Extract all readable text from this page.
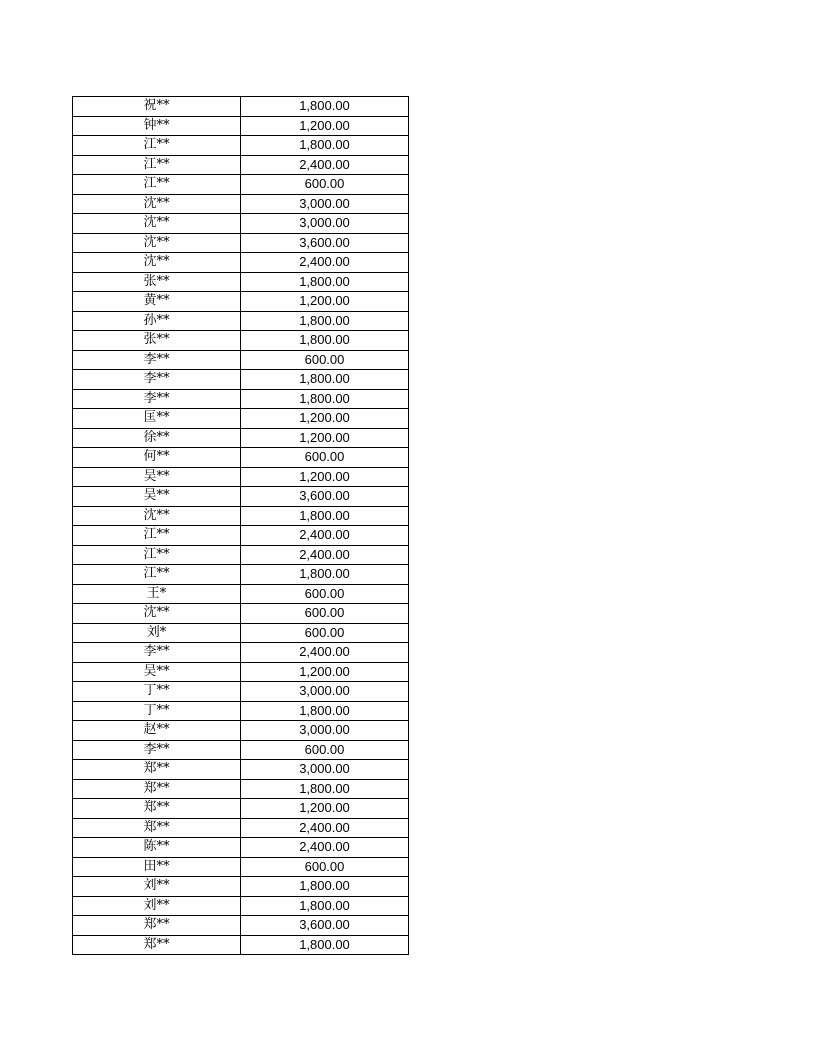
祝**	1,800.00
钟**	1,200.00
江**	1,800.00
江**	2,400.00
江**	600.00
沈**	3,000.00
沈**	3,000.00
沈**	3,600.00
沈**	2,400.00
张**	1,800.00
黄**	1,200.00
孙**	1,800.00
张**	1,800.00
李**	600.00
李**	1,800.00
李**	1,800.00
匡**	1,200.00
徐**	1,200.00
何**	600.00
吴**	1,200.00
吴**	3,600.00
沈**	1,800.00
江**	2,400.00
江**	2,400.00
江**	1,800.00
王*	600.00
沈**	600.00
刘*	600.00
李**	2,400.00
吴**	1,200.00
丁**	3,000.00
丁**	1,800.00
赵**	3,000.00
李**	600.00
郑**	3,000.00
郑**	1,800.00
郑**	1,200.00
郑**	2,400.00
陈**	2,400.00
田**	600.00
刘**	1,800.00
刘**	1,800.00
郑**	3,600.00
郑**	1,800.00
